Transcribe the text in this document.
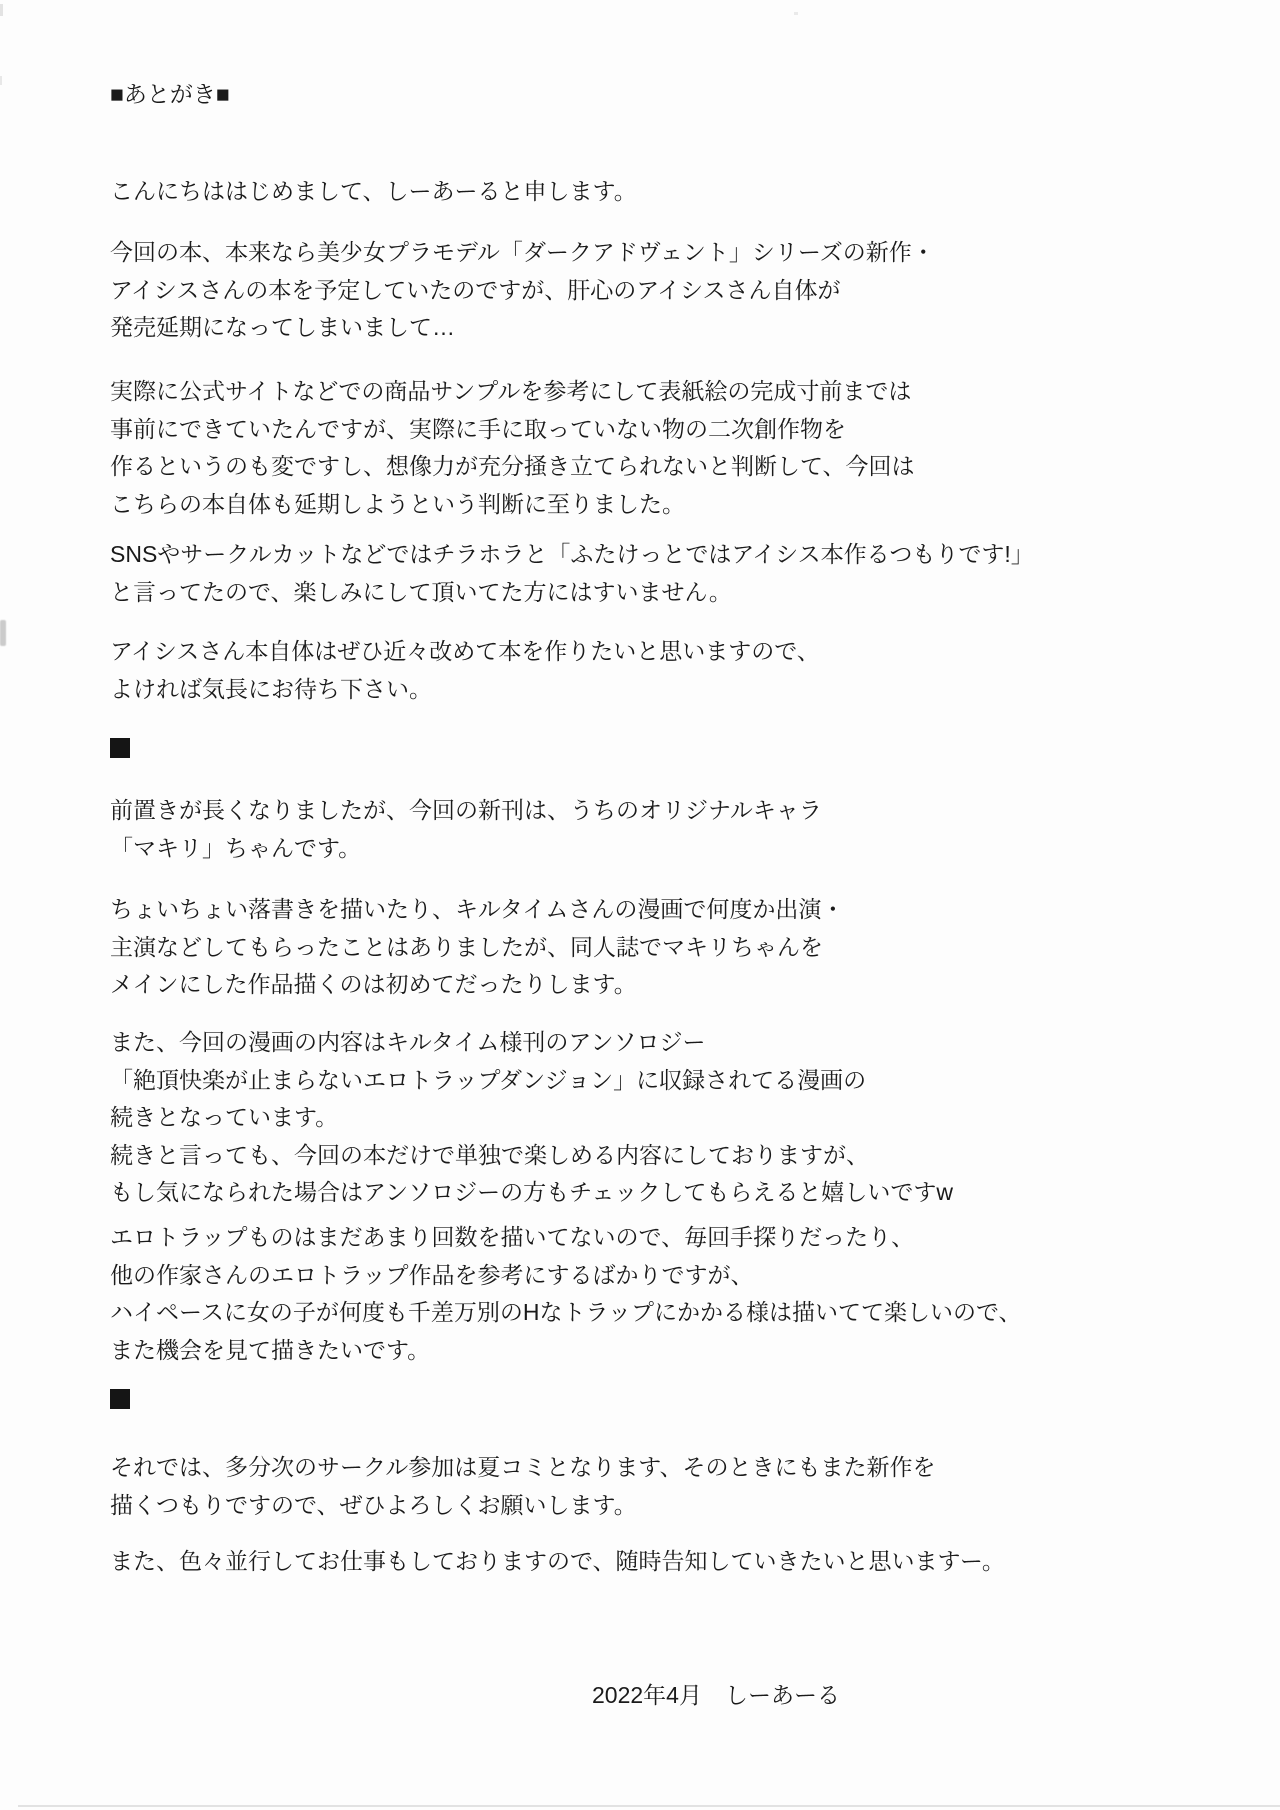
■あとがき■
こんにちははじめまして、しーあーると申します。
今回の本、本来なら美少女プラモデル「ダークアドヴェント」シリーズの新作・
アイシスさんの本を予定していたのですが、肝心のアイシスさん自体が
発売延期になってしまいまして…
実際に公式サイトなどでの商品サンプルを参考にして表紙絵の完成寸前までは
事前にできていたんですが、実際に手に取っていない物の二次創作物を
作るというのも変ですし、想像力が充分掻き立てられないと判断して、今回は
こちらの本自体も延期しようという判断に至りました。
SNSやサークルカットなどではチラホラと「ふたけっとではアイシス本作るつもりです!」
と言ってたので、楽しみにして頂いてた方にはすいません。
アイシスさん本自体はぜひ近々改めて本を作りたいと思いますので、
よければ気長にお待ち下さい。
前置きが長くなりましたが、今回の新刊は、うちのオリジナルキャラ
「マキリ」ちゃんです。
ちょいちょい落書きを描いたり、キルタイムさんの漫画で何度か出演・
主演などしてもらったことはありましたが、同人誌でマキリちゃんを
メインにした作品描くのは初めてだったりします。
また、今回の漫画の内容はキルタイム様刊のアンソロジー
「絶頂快楽が止まらないエロトラップダンジョン」に収録されてる漫画の
続きとなっています。
続きと言っても、今回の本だけで単独で楽しめる内容にしておりますが、
もし気になられた場合はアンソロジーの方もチェックしてもらえると嬉しいですw
エロトラップものはまだあまり回数を描いてないので、毎回手探りだったり、
他の作家さんのエロトラップ作品を参考にするばかりですが、
ハイペースに女の子が何度も千差万別のHなトラップにかかる様は描いてて楽しいので、
また機会を見て描きたいです。
それでは、多分次のサークル参加は夏コミとなります、そのときにもまた新作を
描くつもりですので、ぜひよろしくお願いします。
また、色々並行してお仕事もしておりますので、随時告知していきたいと思いますー。
2022年4月　しーあーる
